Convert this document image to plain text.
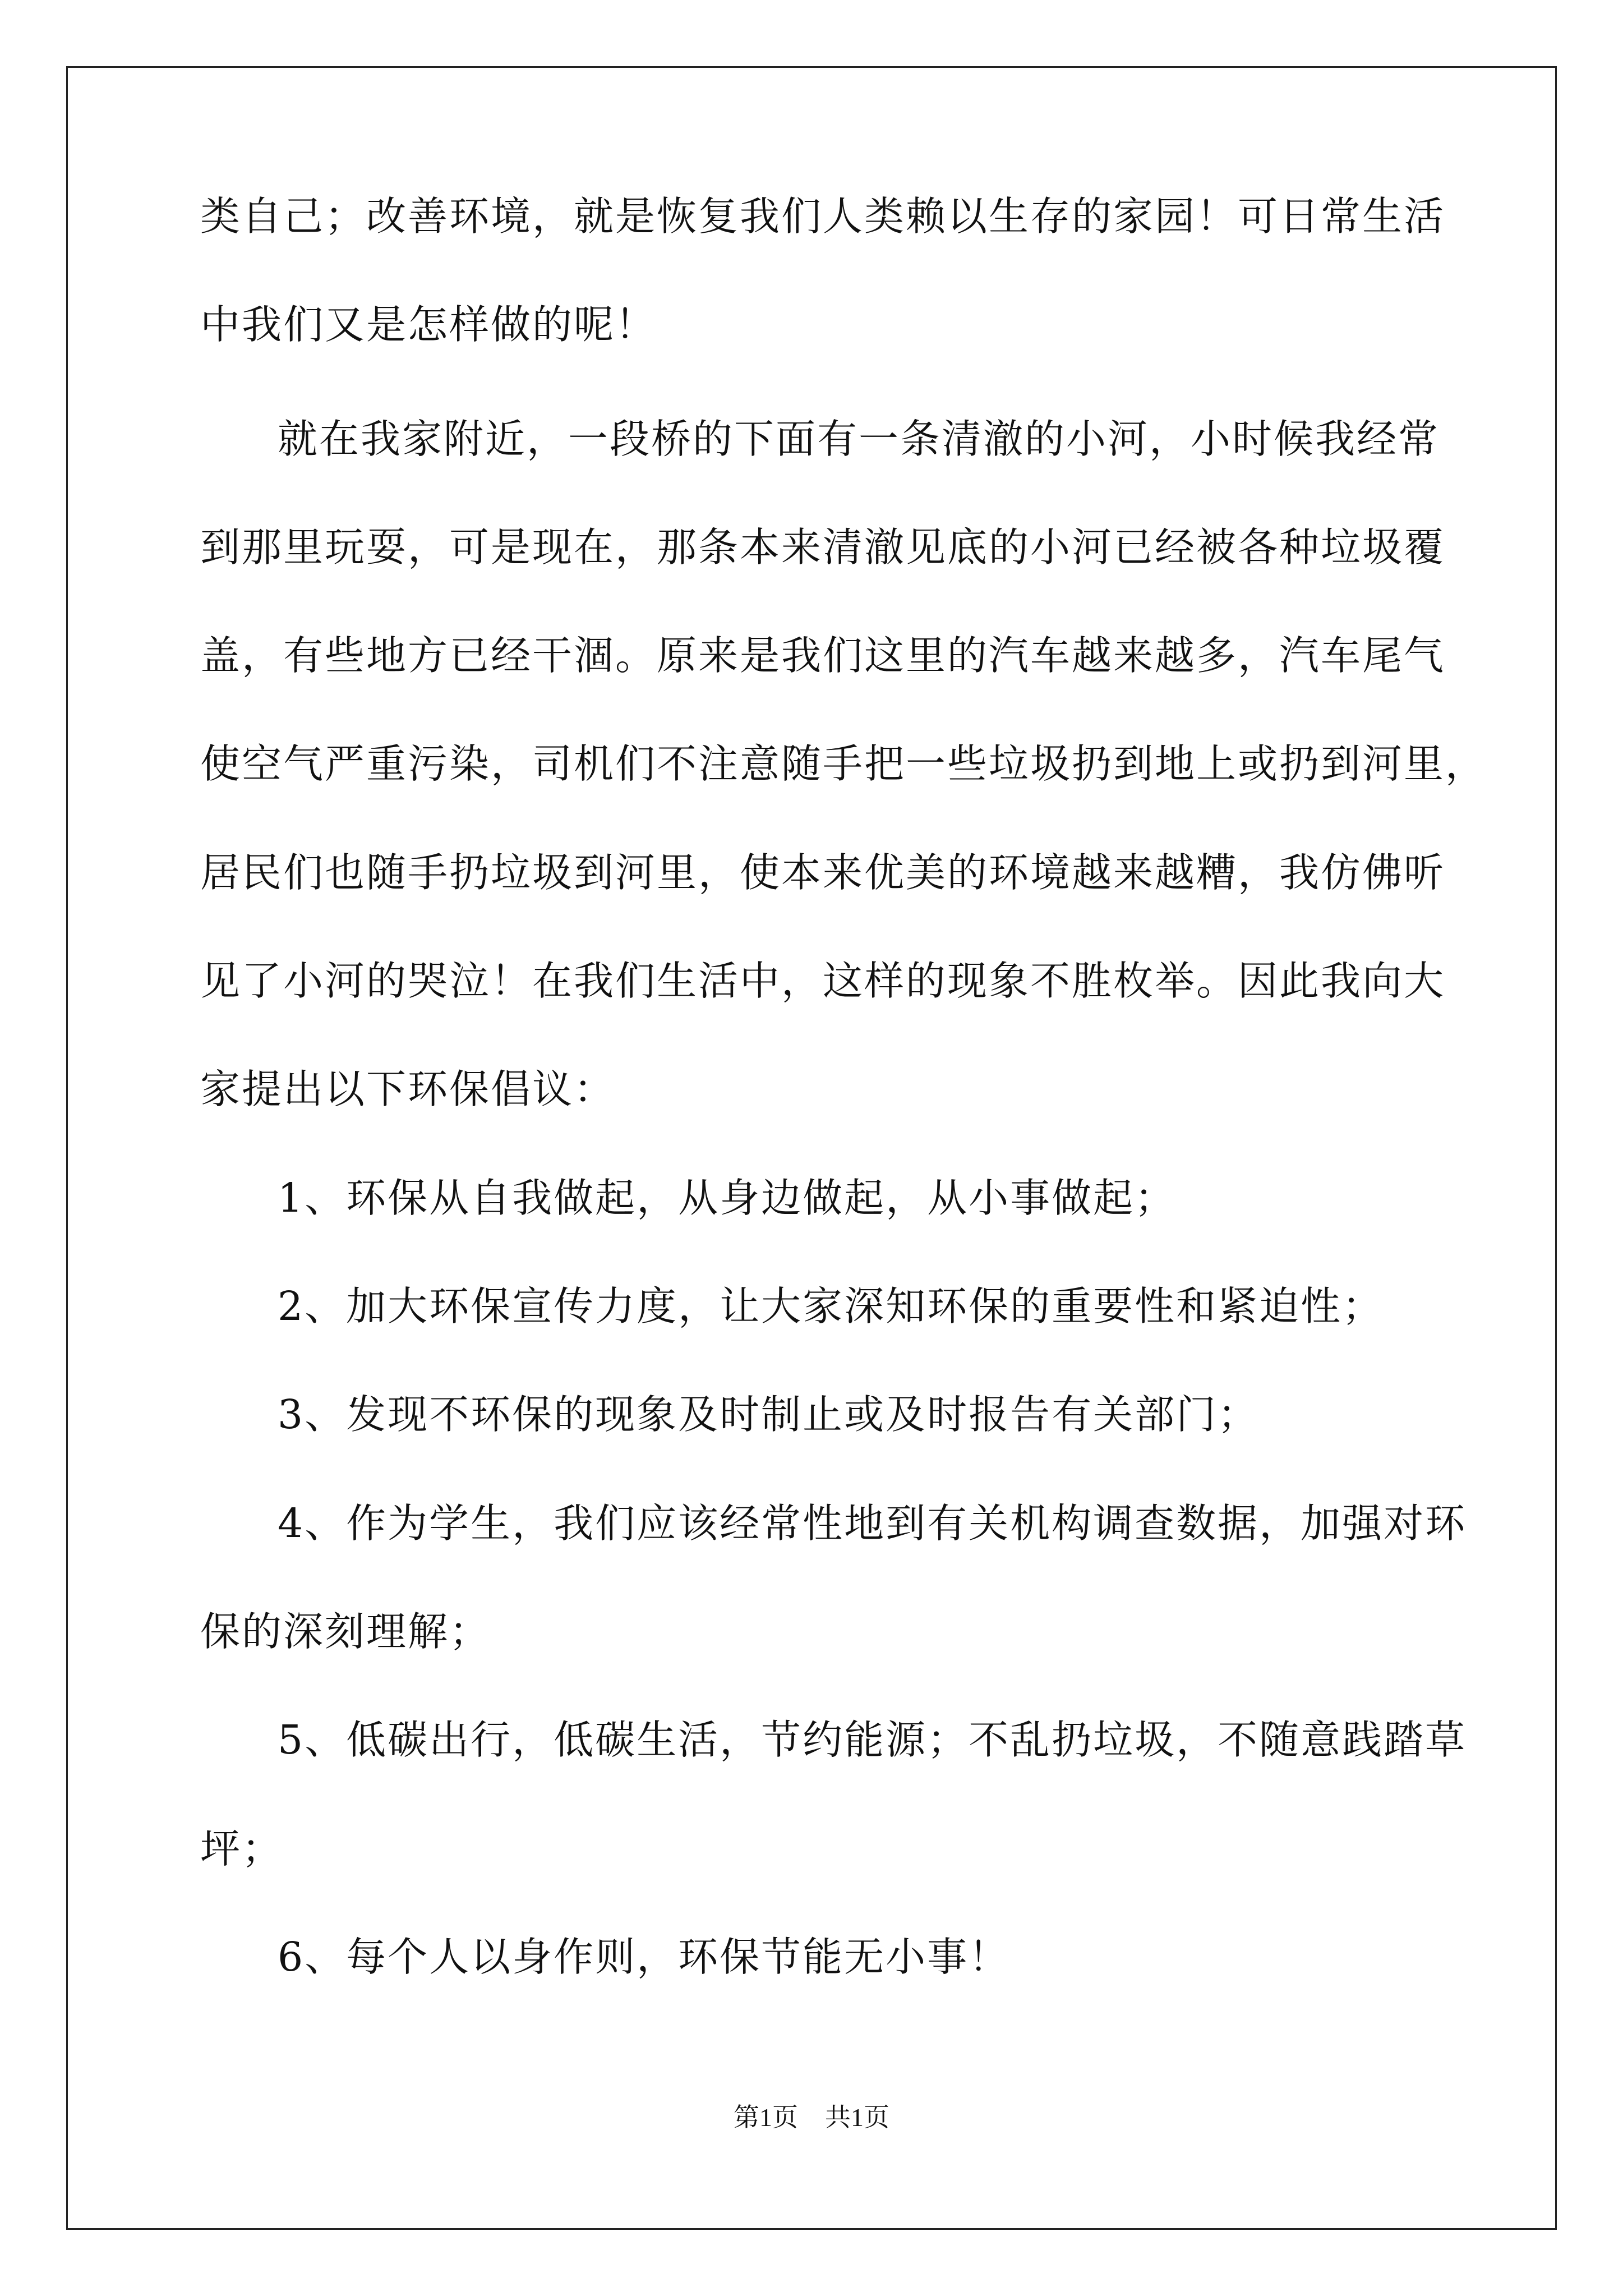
类自己；改善环境，就是恢复我们人类赖以生存的家园！可日常生活

中我们又是怎样做的呢！

就在我家附近，一段桥的下面有一条清澈的小河，小时候我经常

到那里玩耍，可是现在，那条本来清澈见底的小河已经被各种垃圾覆

盖，有些地方已经干涸。原来是我们这里的汽车越来越多，汽车尾气

使空气严重污染，司机们不注意随手把一些垃圾扔到地上或扔到河里，

居民们也随手扔垃圾到河里，使本来优美的环境越来越糟，我仿佛听

见了小河的哭泣！在我们生活中，这样的现象不胜枚举。因此我向大

家提出以下环保倡议：

1、环保从自我做起，从身边做起，从小事做起；

2、加大环保宣传力度，让大家深知环保的重要性和紧迫性；

3、发现不环保的现象及时制止或及时报告有关部门；

4、作为学生，我们应该经常性地到有关机构调查数据，加强对环

保的深刻理解；

5、低碳出行，低碳生活，节约能源；不乱扔垃圾，不随意践踏草

坪；

6、每个人以身作则，环保节能无小事！

第1页 共1页
